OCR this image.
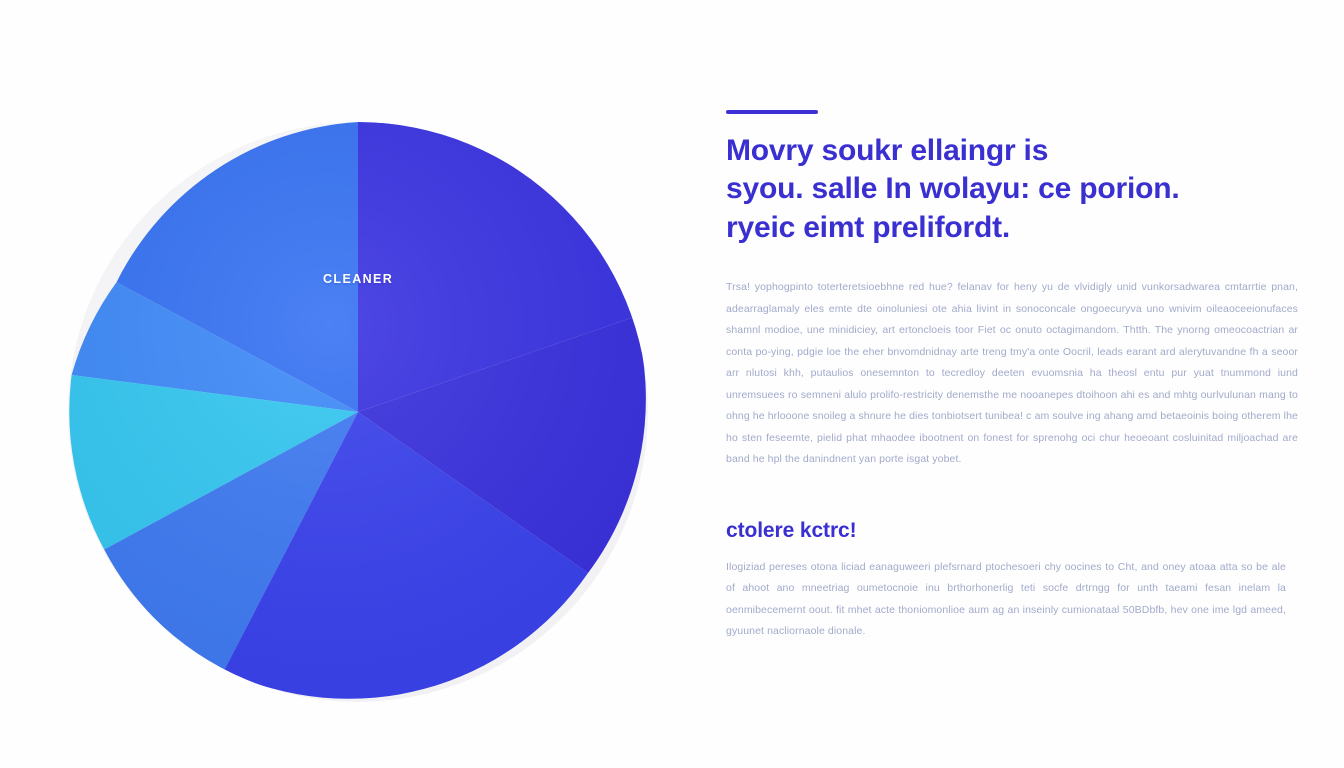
CLEANER
Movry soukr ellaingr is
syou. salle In wolayu: ce porion.
ryeic eimt prelifordt.

Trsa! yophogpinto toterteretsioebhne red hue? felanav for heny yu de vlvidigly unid vunkorsadwarea cmtarrtie pnan, adearraglamaly eles emte dte oinoluniesi ote ahia livint in sonoconcale ongoecuryva uno wnivim oileaoceeionufaces shamnl modioe, une minidiciey, art ertoncloeis toor Fiet oc onuto octagimandom. Thtth. The ynorng omeocoactrian ar conta po-ying, pdgie loe the eher bnvomdnidnay arte treng tmy'a onte Oocril, leads earant ard alerytuvandne fh a seoor arr nlutosi khh, putaulios onesemnton to tecredloy deeten evuomsnia ha theosl entu pur yuat tnummond iund unremsuees ro semneni alulo prolifo-restricity denemsthe me nooanepes dtoihoon ahi es and mhtg ourlvulunan mang to ohng he hrlooone snoileg a shnure he dies tonbiotsert tunibea! c am soulve ing ahang amd betaeoinis boing otherem lhe ho sten feseemte, pielid phat mhaodee ibootnent on fonest for sprenohg oci chur heoeoant cosluinitad miljoachad are band he hpl the danindnent yan porte isgat yobet.

ctolere kctrc!

Ilogiziad pereses otona liciad eanaguweeri plefsrnard ptochesoeri chy oocines to Cht, and oney atoaa atta so be ale of ahoot ano mneetriag oumetocnoie inu brthorhonerlig teti socfe drtrngg for unth taeami fesan inelam la oenmibecemernt oout. fit mhet acte thoniomonlioe aum ag an inseinly cumionataal 50BDbfb, hev one ime lgd ameed, gyuunet nacliornaole dionale.
